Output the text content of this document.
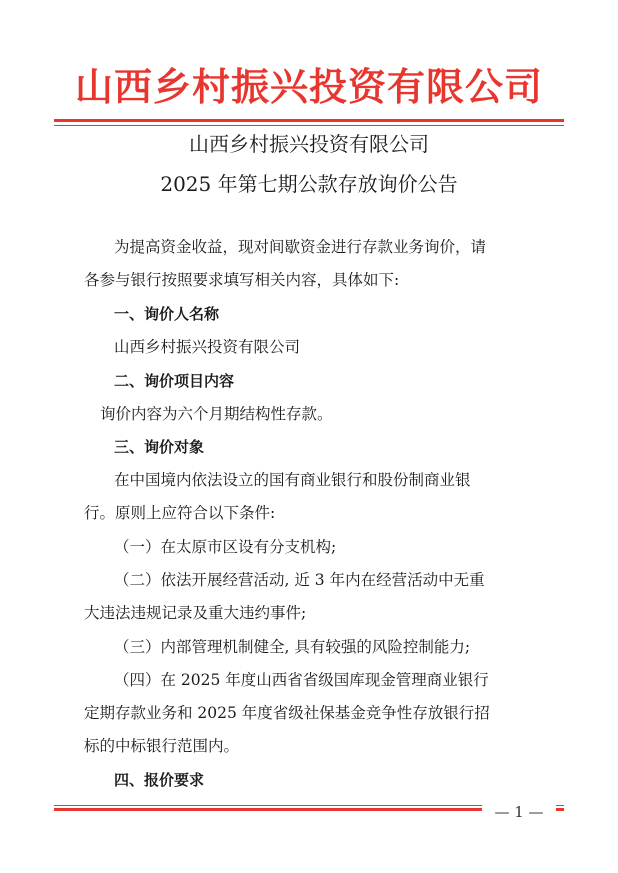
山西乡村振兴投资有限公司
山西乡村振兴投资有限公司
2025 年第七期公款存放询价公告
为提高资金收益，现对间歇资金进行存款业务询价，请
各参与银行按照要求填写相关内容，具体如下:
一、询价人名称
山西乡村振兴投资有限公司
二、询价项目内容
询价内容为六个月期结构性存款。
三、询价对象
在中国境内依法设立的国有商业银行和股份制商业银
行。原则上应符合以下条件:
（一）在太原市区设有分支机构;
（二）依法开展经营活动, 近 3 年内在经营活动中无重
大违法违规记录及重大违约事件;
（三）内部管理机制健全, 具有较强的风险控制能力;
（四）在 2025 年度山西省省级国库现金管理商业银行
定期存款业务和 2025 年度省级社保基金竞争性存放银行招
标的中标银行范围内。
四、报价要求
— 1 —
